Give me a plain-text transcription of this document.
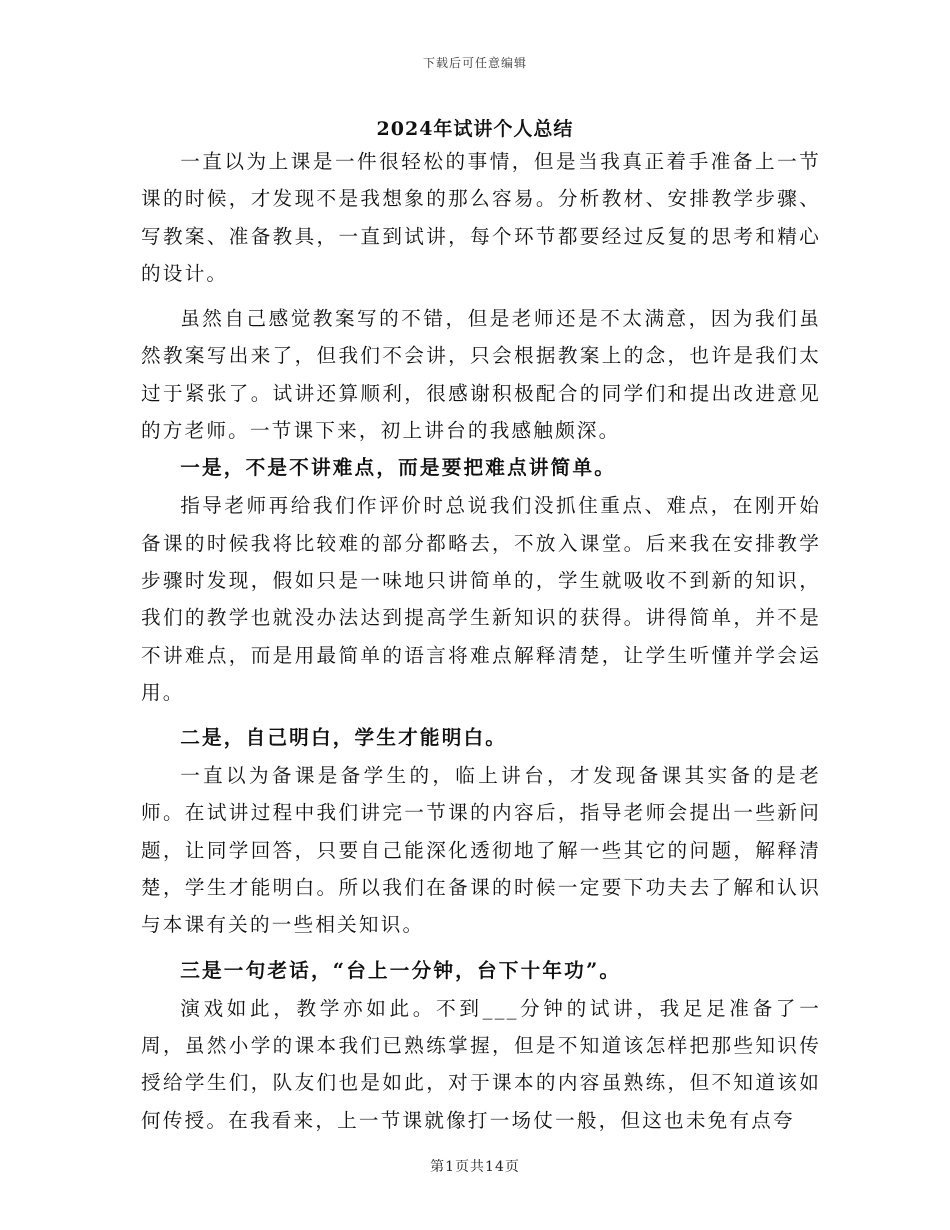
下载后可任意编辑
2024年试讲个人总结

一直以为上课是一件很轻松的事情，但是当我真正着手准备上一节课的时候，才发现不是我想象的那么容易。分析教材、安排教学步骤、写教案、准备教具，一直到试讲，每个环节都要经过反复的思考和精心的设计。

虽然自己感觉教案写的不错，但是老师还是不太满意，因为我们虽然教案写出来了，但我们不会讲，只会根据教案上的念，也许是我们太过于紧张了。试讲还算顺利，很感谢积极配合的同学们和提出改进意见的方老师。一节课下来，初上讲台的我感触颇深。

一是，不是不讲难点，而是要把难点讲简单。

指导老师再给我们作评价时总说我们没抓住重点、难点，在刚开始备课的时候我将比较难的部分都略去，不放入课堂。后来我在安排教学步骤时发现，假如只是一味地只讲简单的，学生就吸收不到新的知识，我们的教学也就没办法达到提高学生新知识的获得。讲得简单，并不是不讲难点，而是用最简单的语言将难点解释清楚，让学生听懂并学会运用。

二是，自己明白，学生才能明白。

一直以为备课是备学生的，临上讲台，才发现备课其实备的是老师。在试讲过程中我们讲完一节课的内容后，指导老师会提出一些新问题，让同学回答，只要自己能深化透彻地了解一些其它的问题，解释清楚，学生才能明白。所以我们在备课的时候一定要下功夫去了解和认识与本课有关的一些相关知识。

三是一句老话，“台上一分钟，台下十年功”。

演戏如此，教学亦如此。不到___分钟的试讲，我足足准备了一周，虽然小学的课本我们已熟练掌握，但是不知道该怎样把那些知识传授给学生们，队友们也是如此，对于课本的内容虽熟练，但不知道该如何传授。在我看来，上一节课就像打一场仗一般，但这也未免有点夸

第1页共14页
